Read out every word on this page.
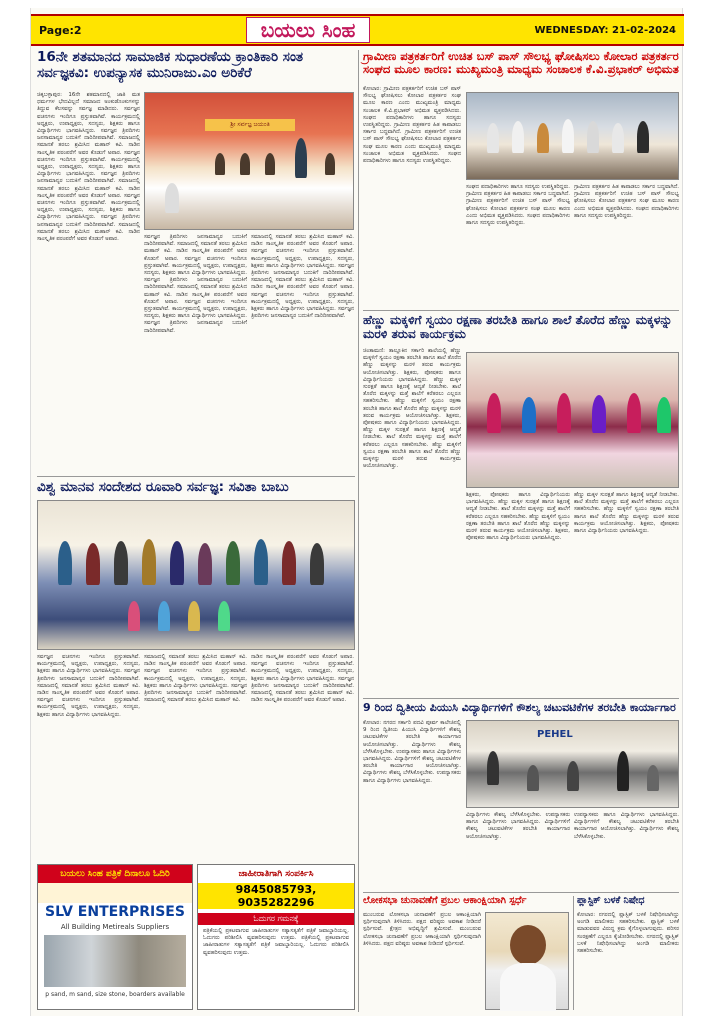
Page:2	ಬಯಲು ಸಿಂಹ	WEDNESDAY: 21-02-2024
16ನೇ ಶತಮಾನದ ಸಾಮಾಜಿಕ ಸುಧಾರಣೆಯ ಕ್ರಾಂತಿಕಾರಿ ಸಂತ ಸರ್ವಜ್ಞಕವಿ: ಉಪನ್ಯಾಸಕ ಮುನಿರಾಜು.ಎಂ ಅರಿಕೆರೆ
ಚಿಕ್ಕಬಳ್ಳಾಪುರ: 16ನೇ ಶತಮಾನದಲ್ಲಿ ಜಾತಿ ಮತ ಧರ್ಮಗಳ ಭೇದವಿಲ್ಲದೆ ಸಮಾಜದ ಅಂಕುಡೊಂಕುಗಳನ್ನು ತಿದ್ದುವ ಕೆಲಸವನ್ನು ಸರ್ವಜ್ಞ ಮಾಡಿದರು. ಸರ್ವಜ್ಞನ ವಚನಗಳು ಇಂದಿಗೂ ಪ್ರಸ್ತುತವಾಗಿವೆ. ಕಾರ್ಯಕ್ರಮದಲ್ಲಿ ಅಧ್ಯಕ್ಷರು, ಉಪಾಧ್ಯಕ್ಷರು, ಸದಸ್ಯರು, ಶಿಕ್ಷಕರು ಹಾಗೂ ವಿದ್ಯಾರ್ಥಿಗಳು ಭಾಗವಹಿಸಿದ್ದರು. ಸರ್ವಜ್ಞನ ತ್ರಿಪದಿಗಳು ಜನಸಾಮಾನ್ಯರ ಬದುಕಿಗೆ ದಾರಿದೀಪವಾಗಿವೆ. ಸಮಾಜದಲ್ಲಿ ಸಮಾನತೆ ತರಲು ಶ್ರಮಿಸಿದ ಮಹಾನ್ ಕವಿ. ನಾಡಿನ ಸಾಂಸ್ಕೃತಿಕ ಪರಂಪರೆಗೆ ಅವರ ಕೊಡುಗೆ ಅಪಾರ. ಸರ್ವಜ್ಞನ ವಚನಗಳು ಇಂದಿಗೂ ಪ್ರಸ್ತುತವಾಗಿವೆ. ಕಾರ್ಯಕ್ರಮದಲ್ಲಿ ಅಧ್ಯಕ್ಷರು, ಉಪಾಧ್ಯಕ್ಷರು, ಸದಸ್ಯರು, ಶಿಕ್ಷಕರು ಹಾಗೂ ವಿದ್ಯಾರ್ಥಿಗಳು ಭಾಗವಹಿಸಿದ್ದರು. ಸರ್ವಜ್ಞನ ತ್ರಿಪದಿಗಳು ಜನಸಾಮಾನ್ಯರ ಬದುಕಿಗೆ ದಾರಿದೀಪವಾಗಿವೆ. ಸಮಾಜದಲ್ಲಿ ಸಮಾನತೆ ತರಲು ಶ್ರಮಿಸಿದ ಮಹಾನ್ ಕವಿ. ನಾಡಿನ ಸಾಂಸ್ಕೃತಿಕ ಪರಂಪರೆಗೆ ಅವರ ಕೊಡುಗೆ ಅಪಾರ. ಸರ್ವಜ್ಞನ ವಚನಗಳು ಇಂದಿಗೂ ಪ್ರಸ್ತುತವಾಗಿವೆ. ಕಾರ್ಯಕ್ರಮದಲ್ಲಿ ಅಧ್ಯಕ್ಷರು, ಉಪಾಧ್ಯಕ್ಷರು, ಸದಸ್ಯರು, ಶಿಕ್ಷಕರು ಹಾಗೂ ವಿದ್ಯಾರ್ಥಿಗಳು ಭಾಗವಹಿಸಿದ್ದರು. ಸರ್ವಜ್ಞನ ತ್ರಿಪದಿಗಳು ಜನಸಾಮಾನ್ಯರ ಬದುಕಿಗೆ ದಾರಿದೀಪವಾಗಿವೆ. ಸಮಾಜದಲ್ಲಿ ಸಮಾನತೆ ತರಲು ಶ್ರಮಿಸಿದ ಮಹಾನ್ ಕವಿ. ನಾಡಿನ ಸಾಂಸ್ಕೃತಿಕ ಪರಂಪರೆಗೆ ಅವರ ಕೊಡುಗೆ ಅಪಾರ.
ಶ್ರೀ ಸರ್ವಜ್ಞ ಜಯಂತಿ
ಸರ್ವಜ್ಞನ ತ್ರಿಪದಿಗಳು ಜನಸಾಮಾನ್ಯರ ಬದುಕಿಗೆ ದಾರಿದೀಪವಾಗಿವೆ. ಸಮಾಜದಲ್ಲಿ ಸಮಾನತೆ ತರಲು ಶ್ರಮಿಸಿದ ಮಹಾನ್ ಕವಿ. ನಾಡಿನ ಸಾಂಸ್ಕೃತಿಕ ಪರಂಪರೆಗೆ ಅವರ ಕೊಡುಗೆ ಅಪಾರ. ಸರ್ವಜ್ಞನ ವಚನಗಳು ಇಂದಿಗೂ ಪ್ರಸ್ತುತವಾಗಿವೆ. ಕಾರ್ಯಕ್ರಮದಲ್ಲಿ ಅಧ್ಯಕ್ಷರು, ಉಪಾಧ್ಯಕ್ಷರು, ಸದಸ್ಯರು, ಶಿಕ್ಷಕರು ಹಾಗೂ ವಿದ್ಯಾರ್ಥಿಗಳು ಭಾಗವಹಿಸಿದ್ದರು. ಸರ್ವಜ್ಞನ ತ್ರಿಪದಿಗಳು ಜನಸಾಮಾನ್ಯರ ಬದುಕಿಗೆ ದಾರಿದೀಪವಾಗಿವೆ. ಸಮಾಜದಲ್ಲಿ ಸಮಾನತೆ ತರಲು ಶ್ರಮಿಸಿದ ಮಹಾನ್ ಕವಿ. ನಾಡಿನ ಸಾಂಸ್ಕೃತಿಕ ಪರಂಪರೆಗೆ ಅವರ ಕೊಡುಗೆ ಅಪಾರ. ಸರ್ವಜ್ಞನ ವಚನಗಳು ಇಂದಿಗೂ ಪ್ರಸ್ತುತವಾಗಿವೆ. ಕಾರ್ಯಕ್ರಮದಲ್ಲಿ ಅಧ್ಯಕ್ಷರು, ಉಪಾಧ್ಯಕ್ಷರು, ಸದಸ್ಯರು, ಶಿಕ್ಷಕರು ಹಾಗೂ ವಿದ್ಯಾರ್ಥಿಗಳು ಭಾಗವಹಿಸಿದ್ದರು. ಸರ್ವಜ್ಞನ ತ್ರಿಪದಿಗಳು ಜನಸಾಮಾನ್ಯರ ಬದುಕಿಗೆ ದಾರಿದೀಪವಾಗಿವೆ.
ಸಮಾಜದಲ್ಲಿ ಸಮಾನತೆ ತರಲು ಶ್ರಮಿಸಿದ ಮಹಾನ್ ಕವಿ. ನಾಡಿನ ಸಾಂಸ್ಕೃತಿಕ ಪರಂಪರೆಗೆ ಅವರ ಕೊಡುಗೆ ಅಪಾರ. ಸರ್ವಜ್ಞನ ವಚನಗಳು ಇಂದಿಗೂ ಪ್ರಸ್ತುತವಾಗಿವೆ. ಕಾರ್ಯಕ್ರಮದಲ್ಲಿ ಅಧ್ಯಕ್ಷರು, ಉಪಾಧ್ಯಕ್ಷರು, ಸದಸ್ಯರು, ಶಿಕ್ಷಕರು ಹಾಗೂ ವಿದ್ಯಾರ್ಥಿಗಳು ಭಾಗವಹಿಸಿದ್ದರು. ಸರ್ವಜ್ಞನ ತ್ರಿಪದಿಗಳು ಜನಸಾಮಾನ್ಯರ ಬದುಕಿಗೆ ದಾರಿದೀಪವಾಗಿವೆ. ಸಮಾಜದಲ್ಲಿ ಸಮಾನತೆ ತರಲು ಶ್ರಮಿಸಿದ ಮಹಾನ್ ಕವಿ. ನಾಡಿನ ಸಾಂಸ್ಕೃತಿಕ ಪರಂಪರೆಗೆ ಅವರ ಕೊಡುಗೆ ಅಪಾರ. ಸರ್ವಜ್ಞನ ವಚನಗಳು ಇಂದಿಗೂ ಪ್ರಸ್ತುತವಾಗಿವೆ. ಕಾರ್ಯಕ್ರಮದಲ್ಲಿ ಅಧ್ಯಕ್ಷರು, ಉಪಾಧ್ಯಕ್ಷರು, ಸದಸ್ಯರು, ಶಿಕ್ಷಕರು ಹಾಗೂ ವಿದ್ಯಾರ್ಥಿಗಳು ಭಾಗವಹಿಸಿದ್ದರು. ಸರ್ವಜ್ಞನ ತ್ರಿಪದಿಗಳು ಜನಸಾಮಾನ್ಯರ ಬದುಕಿಗೆ ದಾರಿದೀಪವಾಗಿವೆ.
ವಿಶ್ವ ಮಾನವ ಸಂದೇಶದ ರೂವಾರಿ ಸರ್ವಜ್ಞ: ಸವಿತಾ ಬಾಬು
ಸರ್ವಜ್ಞನ ವಚನಗಳು ಇಂದಿಗೂ ಪ್ರಸ್ತುತವಾಗಿವೆ. ಕಾರ್ಯಕ್ರಮದಲ್ಲಿ ಅಧ್ಯಕ್ಷರು, ಉಪಾಧ್ಯಕ್ಷರು, ಸದಸ್ಯರು, ಶಿಕ್ಷಕರು ಹಾಗೂ ವಿದ್ಯಾರ್ಥಿಗಳು ಭಾಗವಹಿಸಿದ್ದರು. ಸರ್ವಜ್ಞನ ತ್ರಿಪದಿಗಳು ಜನಸಾಮಾನ್ಯರ ಬದುಕಿಗೆ ದಾರಿದೀಪವಾಗಿವೆ. ಸಮಾಜದಲ್ಲಿ ಸಮಾನತೆ ತರಲು ಶ್ರಮಿಸಿದ ಮಹಾನ್ ಕವಿ. ನಾಡಿನ ಸಾಂಸ್ಕೃತಿಕ ಪರಂಪರೆಗೆ ಅವರ ಕೊಡುಗೆ ಅಪಾರ. ಸರ್ವಜ್ಞನ ವಚನಗಳು ಇಂದಿಗೂ ಪ್ರಸ್ತುತವಾಗಿವೆ. ಕಾರ್ಯಕ್ರಮದಲ್ಲಿ ಅಧ್ಯಕ್ಷರು, ಉಪಾಧ್ಯಕ್ಷರು, ಸದಸ್ಯರು, ಶಿಕ್ಷಕರು ಹಾಗೂ ವಿದ್ಯಾರ್ಥಿಗಳು ಭಾಗವಹಿಸಿದ್ದರು.
ಸಮಾಜದಲ್ಲಿ ಸಮಾನತೆ ತರಲು ಶ್ರಮಿಸಿದ ಮಹಾನ್ ಕವಿ. ನಾಡಿನ ಸಾಂಸ್ಕೃತಿಕ ಪರಂಪರೆಗೆ ಅವರ ಕೊಡುಗೆ ಅಪಾರ. ಸರ್ವಜ್ಞನ ವಚನಗಳು ಇಂದಿಗೂ ಪ್ರಸ್ತುತವಾಗಿವೆ. ಕಾರ್ಯಕ್ರಮದಲ್ಲಿ ಅಧ್ಯಕ್ಷರು, ಉಪಾಧ್ಯಕ್ಷರು, ಸದಸ್ಯರು, ಶಿಕ್ಷಕರು ಹಾಗೂ ವಿದ್ಯಾರ್ಥಿಗಳು ಭಾಗವಹಿಸಿದ್ದರು. ಸರ್ವಜ್ಞನ ತ್ರಿಪದಿಗಳು ಜನಸಾಮಾನ್ಯರ ಬದುಕಿಗೆ ದಾರಿದೀಪವಾಗಿವೆ. ಸಮಾಜದಲ್ಲಿ ಸಮಾನತೆ ತರಲು ಶ್ರಮಿಸಿದ ಮಹಾನ್ ಕವಿ.
ನಾಡಿನ ಸಾಂಸ್ಕೃತಿಕ ಪರಂಪರೆಗೆ ಅವರ ಕೊಡುಗೆ ಅಪಾರ. ಸರ್ವಜ್ಞನ ವಚನಗಳು ಇಂದಿಗೂ ಪ್ರಸ್ತುತವಾಗಿವೆ. ಕಾರ್ಯಕ್ರಮದಲ್ಲಿ ಅಧ್ಯಕ್ಷರು, ಉಪಾಧ್ಯಕ್ಷರು, ಸದಸ್ಯರು, ಶಿಕ್ಷಕರು ಹಾಗೂ ವಿದ್ಯಾರ್ಥಿಗಳು ಭಾಗವಹಿಸಿದ್ದರು. ಸರ್ವಜ್ಞನ ತ್ರಿಪದಿಗಳು ಜನಸಾಮಾನ್ಯರ ಬದುಕಿಗೆ ದಾರಿದೀಪವಾಗಿವೆ. ಸಮಾಜದಲ್ಲಿ ಸಮಾನತೆ ತರಲು ಶ್ರಮಿಸಿದ ಮಹಾನ್ ಕವಿ. ನಾಡಿನ ಸಾಂಸ್ಕೃತಿಕ ಪರಂಪರೆಗೆ ಅವರ ಕೊಡುಗೆ ಅಪಾರ.
ಬಯಲು ಸಿಂಹ ಪತ್ರಿಕೆ ದಿನಾಲೂ ಓದಿರಿ
SLV ENTERPRISES
All Building Metireals Suppliers
p sand, m sand, size stone, boarders available
ಜಾಹೀರಾತಿಗಾಗಿ ಸಂಪರ್ಕಿಸಿ
9845085793, 9035282296
ಓದುಗರ ಗಮನಕ್ಕೆ
ಪತ್ರಿಕೆಯಲ್ಲಿ ಪ್ರಕಟವಾಗುವ ಜಾಹೀರಾತುಗಳ ಸತ್ಯಾಸತ್ಯತೆಗೆ ಪತ್ರಿಕೆ ಜವಾಬ್ದಾರಿಯಲ್ಲ. ಓದುಗರು ಪರಿಶೀಲಿಸಿ ವ್ಯವಹರಿಸುವುದು ಉತ್ತಮ. ಪತ್ರಿಕೆಯಲ್ಲಿ ಪ್ರಕಟವಾಗುವ ಜಾಹೀರಾತುಗಳ ಸತ್ಯಾಸತ್ಯತೆಗೆ ಪತ್ರಿಕೆ ಜವಾಬ್ದಾರಿಯಲ್ಲ. ಓದುಗರು ಪರಿಶೀಲಿಸಿ ವ್ಯವಹರಿಸುವುದು ಉತ್ತಮ.
ಗ್ರಾಮೀಣ ಪತ್ರಕರ್ತರಿಗೆ ಉಚಿತ ಬಸ್ ಪಾಸ್ ಸೌಲಭ್ಯ ಘೋಷಿಸಲು ಕೋಲಾರ ಪತ್ರಕರ್ತರ ಸಂಘದ ಮೂಲ ಕಾರಣ: ಮುಖ್ಯಮಂತ್ರಿ ಮಾಧ್ಯಮ ಸಂಚಾಲಕ ಕೆ.ವಿ.ಪ್ರಭಾಕರ್ ಅಭಿಮತ
ಕೋಲಾರ: ಗ್ರಾಮೀಣ ಪತ್ರಕರ್ತರಿಗೆ ಉಚಿತ ಬಸ್ ಪಾಸ್ ಸೌಲಭ್ಯ ಘೋಷಿಸಲು ಕೋಲಾರ ಪತ್ರಕರ್ತರ ಸಂಘ ಮೂಲ ಕಾರಣ ಎಂದು ಮುಖ್ಯಮಂತ್ರಿ ಮಾಧ್ಯಮ ಸಂಚಾಲಕ ಕೆ.ವಿ.ಪ್ರಭಾಕರ್ ಅಭಿಮತ ವ್ಯಕ್ತಪಡಿಸಿದರು. ಸಂಘದ ಪದಾಧಿಕಾರಿಗಳು ಹಾಗೂ ಸದಸ್ಯರು ಉಪಸ್ಥಿತರಿದ್ದರು. ಗ್ರಾಮೀಣ ಪತ್ರಕರ್ತರ ಹಿತ ಕಾಪಾಡಲು ಸರ್ಕಾರ ಬದ್ಧವಾಗಿದೆ. ಗ್ರಾಮೀಣ ಪತ್ರಕರ್ತರಿಗೆ ಉಚಿತ ಬಸ್ ಪಾಸ್ ಸೌಲಭ್ಯ ಘೋಷಿಸಲು ಕೋಲಾರ ಪತ್ರಕರ್ತರ ಸಂಘ ಮೂಲ ಕಾರಣ ಎಂದು ಮುಖ್ಯಮಂತ್ರಿ ಮಾಧ್ಯಮ ಸಂಚಾಲಕ ಅಭಿಮತ ವ್ಯಕ್ತಪಡಿಸಿದರು. ಸಂಘದ ಪದಾಧಿಕಾರಿಗಳು ಹಾಗೂ ಸದಸ್ಯರು ಉಪಸ್ಥಿತರಿದ್ದರು.
ಸಂಘದ ಪದಾಧಿಕಾರಿಗಳು ಹಾಗೂ ಸದಸ್ಯರು ಉಪಸ್ಥಿತರಿದ್ದರು. ಗ್ರಾಮೀಣ ಪತ್ರಕರ್ತರ ಹಿತ ಕಾಪಾಡಲು ಸರ್ಕಾರ ಬದ್ಧವಾಗಿದೆ. ಗ್ರಾಮೀಣ ಪತ್ರಕರ್ತರಿಗೆ ಉಚಿತ ಬಸ್ ಪಾಸ್ ಸೌಲಭ್ಯ ಘೋಷಿಸಲು ಕೋಲಾರ ಪತ್ರಕರ್ತರ ಸಂಘ ಮೂಲ ಕಾರಣ ಎಂದು ಅಭಿಮತ ವ್ಯಕ್ತಪಡಿಸಿದರು. ಸಂಘದ ಪದಾಧಿಕಾರಿಗಳು ಹಾಗೂ ಸದಸ್ಯರು ಉಪಸ್ಥಿತರಿದ್ದರು.
ಗ್ರಾಮೀಣ ಪತ್ರಕರ್ತರ ಹಿತ ಕಾಪಾಡಲು ಸರ್ಕಾರ ಬದ್ಧವಾಗಿದೆ. ಗ್ರಾಮೀಣ ಪತ್ರಕರ್ತರಿಗೆ ಉಚಿತ ಬಸ್ ಪಾಸ್ ಸೌಲಭ್ಯ ಘೋಷಿಸಲು ಕೋಲಾರ ಪತ್ರಕರ್ತರ ಸಂಘ ಮೂಲ ಕಾರಣ ಎಂದು ಅಭಿಮತ ವ್ಯಕ್ತಪಡಿಸಿದರು. ಸಂಘದ ಪದಾಧಿಕಾರಿಗಳು ಹಾಗೂ ಸದಸ್ಯರು ಉಪಸ್ಥಿತರಿದ್ದರು.
ಹೆಣ್ಣು ಮಕ್ಕಳಿಗೆ ಸ್ವಯಂ ರಕ್ಷಣಾ ತರಬೇತಿ ಹಾಗೂ ಶಾಲೆ ತೊರೆದ ಹೆಣ್ಣು ಮಕ್ಕಳನ್ನು ಮರಳಿ ತರುವ ಕಾರ್ಯಕ್ರಮ
ಚಿಂತಾಮಣಿ: ತಾಲ್ಲೂಕಿನ ಸರ್ಕಾರಿ ಶಾಲೆಯಲ್ಲಿ ಹೆಣ್ಣು ಮಕ್ಕಳಿಗೆ ಸ್ವಯಂ ರಕ್ಷಣಾ ತರಬೇತಿ ಹಾಗೂ ಶಾಲೆ ತೊರೆದ ಹೆಣ್ಣು ಮಕ್ಕಳನ್ನು ಮರಳಿ ತರುವ ಕಾರ್ಯಕ್ರಮ ಆಯೋಜಿಸಲಾಗಿತ್ತು. ಶಿಕ್ಷಕರು, ಪೋಷಕರು ಹಾಗೂ ವಿದ್ಯಾರ್ಥಿನಿಯರು ಭಾಗವಹಿಸಿದ್ದರು. ಹೆಣ್ಣು ಮಕ್ಕಳ ಸುರಕ್ಷತೆ ಹಾಗೂ ಶಿಕ್ಷಣಕ್ಕೆ ಆದ್ಯತೆ ನೀಡಬೇಕು. ಶಾಲೆ ತೊರೆದ ಮಕ್ಕಳನ್ನು ಮತ್ತೆ ಶಾಲೆಗೆ ಕರೆತರಲು ಎಲ್ಲರೂ ಸಹಕರಿಸಬೇಕು. ಹೆಣ್ಣು ಮಕ್ಕಳಿಗೆ ಸ್ವಯಂ ರಕ್ಷಣಾ ತರಬೇತಿ ಹಾಗೂ ಶಾಲೆ ತೊರೆದ ಹೆಣ್ಣು ಮಕ್ಕಳನ್ನು ಮರಳಿ ತರುವ ಕಾರ್ಯಕ್ರಮ ಆಯೋಜಿಸಲಾಗಿತ್ತು. ಶಿಕ್ಷಕರು, ಪೋಷಕರು ಹಾಗೂ ವಿದ್ಯಾರ್ಥಿನಿಯರು ಭಾಗವಹಿಸಿದ್ದರು. ಹೆಣ್ಣು ಮಕ್ಕಳ ಸುರಕ್ಷತೆ ಹಾಗೂ ಶಿಕ್ಷಣಕ್ಕೆ ಆದ್ಯತೆ ನೀಡಬೇಕು. ಶಾಲೆ ತೊರೆದ ಮಕ್ಕಳನ್ನು ಮತ್ತೆ ಶಾಲೆಗೆ ಕರೆತರಲು ಎಲ್ಲರೂ ಸಹಕರಿಸಬೇಕು. ಹೆಣ್ಣು ಮಕ್ಕಳಿಗೆ ಸ್ವಯಂ ರಕ್ಷಣಾ ತರಬೇತಿ ಹಾಗೂ ಶಾಲೆ ತೊರೆದ ಹೆಣ್ಣು ಮಕ್ಕಳನ್ನು ಮರಳಿ ತರುವ ಕಾರ್ಯಕ್ರಮ ಆಯೋಜಿಸಲಾಗಿತ್ತು.
ಶಿಕ್ಷಕರು, ಪೋಷಕರು ಹಾಗೂ ವಿದ್ಯಾರ್ಥಿನಿಯರು ಭಾಗವಹಿಸಿದ್ದರು. ಹೆಣ್ಣು ಮಕ್ಕಳ ಸುರಕ್ಷತೆ ಹಾಗೂ ಶಿಕ್ಷಣಕ್ಕೆ ಆದ್ಯತೆ ನೀಡಬೇಕು. ಶಾಲೆ ತೊರೆದ ಮಕ್ಕಳನ್ನು ಮತ್ತೆ ಶಾಲೆಗೆ ಕರೆತರಲು ಎಲ್ಲರೂ ಸಹಕರಿಸಬೇಕು. ಹೆಣ್ಣು ಮಕ್ಕಳಿಗೆ ಸ್ವಯಂ ರಕ್ಷಣಾ ತರಬೇತಿ ಹಾಗೂ ಶಾಲೆ ತೊರೆದ ಹೆಣ್ಣು ಮಕ್ಕಳನ್ನು ಮರಳಿ ತರುವ ಕಾರ್ಯಕ್ರಮ ಆಯೋಜಿಸಲಾಗಿತ್ತು. ಶಿಕ್ಷಕರು, ಪೋಷಕರು ಹಾಗೂ ವಿದ್ಯಾರ್ಥಿನಿಯರು ಭಾಗವಹಿಸಿದ್ದರು.
ಹೆಣ್ಣು ಮಕ್ಕಳ ಸುರಕ್ಷತೆ ಹಾಗೂ ಶಿಕ್ಷಣಕ್ಕೆ ಆದ್ಯತೆ ನೀಡಬೇಕು. ಶಾಲೆ ತೊರೆದ ಮಕ್ಕಳನ್ನು ಮತ್ತೆ ಶಾಲೆಗೆ ಕರೆತರಲು ಎಲ್ಲರೂ ಸಹಕರಿಸಬೇಕು. ಹೆಣ್ಣು ಮಕ್ಕಳಿಗೆ ಸ್ವಯಂ ರಕ್ಷಣಾ ತರಬೇತಿ ಹಾಗೂ ಶಾಲೆ ತೊರೆದ ಹೆಣ್ಣು ಮಕ್ಕಳನ್ನು ಮರಳಿ ತರುವ ಕಾರ್ಯಕ್ರಮ ಆಯೋಜಿಸಲಾಗಿತ್ತು. ಶಿಕ್ಷಕರು, ಪೋಷಕರು ಹಾಗೂ ವಿದ್ಯಾರ್ಥಿನಿಯರು ಭಾಗವಹಿಸಿದ್ದರು.
9 ರಿಂದ ದ್ವಿತೀಯ ಪಿಯುಸಿ ವಿದ್ಯಾರ್ಥಿಗಳಿಗೆ ಕೌಶಲ್ಯ ಚಟುವಟಿಕೆಗಳ ತರಬೇತಿ ಕಾರ್ಯಾಗಾರ
ಕೋಲಾರ: ನಗರದ ಸರ್ಕಾರಿ ಪದವಿ ಪೂರ್ವ ಕಾಲೇಜಿನಲ್ಲಿ 9 ರಿಂದ ದ್ವಿತೀಯ ಪಿಯುಸಿ ವಿದ್ಯಾರ್ಥಿಗಳಿಗೆ ಕೌಶಲ್ಯ ಚಟುವಟಿಕೆಗಳ ತರಬೇತಿ ಕಾರ್ಯಾಗಾರ ಆಯೋಜಿಸಲಾಗಿತ್ತು. ವಿದ್ಯಾರ್ಥಿಗಳು ಕೌಶಲ್ಯ ಬೆಳೆಸಿಕೊಳ್ಳಬೇಕು. ಉಪನ್ಯಾಸಕರು ಹಾಗೂ ವಿದ್ಯಾರ್ಥಿಗಳು ಭಾಗವಹಿಸಿದ್ದರು. ವಿದ್ಯಾರ್ಥಿಗಳಿಗೆ ಕೌಶಲ್ಯ ಚಟುವಟಿಕೆಗಳ ತರಬೇತಿ ಕಾರ್ಯಾಗಾರ ಆಯೋಜಿಸಲಾಗಿತ್ತು. ವಿದ್ಯಾರ್ಥಿಗಳು ಕೌಶಲ್ಯ ಬೆಳೆಸಿಕೊಳ್ಳಬೇಕು. ಉಪನ್ಯಾಸಕರು ಹಾಗೂ ವಿದ್ಯಾರ್ಥಿಗಳು ಭಾಗವಹಿಸಿದ್ದರು.
PEHEL
ವಿದ್ಯಾರ್ಥಿಗಳು ಕೌಶಲ್ಯ ಬೆಳೆಸಿಕೊಳ್ಳಬೇಕು. ಉಪನ್ಯಾಸಕರು ಹಾಗೂ ವಿದ್ಯಾರ್ಥಿಗಳು ಭಾಗವಹಿಸಿದ್ದರು. ವಿದ್ಯಾರ್ಥಿಗಳಿಗೆ ಕೌಶಲ್ಯ ಚಟುವಟಿಕೆಗಳ ತರಬೇತಿ ಕಾರ್ಯಾಗಾರ ಆಯೋಜಿಸಲಾಗಿತ್ತು.
ಉಪನ್ಯಾಸಕರು ಹಾಗೂ ವಿದ್ಯಾರ್ಥಿಗಳು ಭಾಗವಹಿಸಿದ್ದರು. ವಿದ್ಯಾರ್ಥಿಗಳಿಗೆ ಕೌಶಲ್ಯ ಚಟುವಟಿಕೆಗಳ ತರಬೇತಿ ಕಾರ್ಯಾಗಾರ ಆಯೋಜಿಸಲಾಗಿತ್ತು. ವಿದ್ಯಾರ್ಥಿಗಳು ಕೌಶಲ್ಯ ಬೆಳೆಸಿಕೊಳ್ಳಬೇಕು.
ಲೋಕಸಭಾ ಚುನಾವಣೆಗೆ ಪ್ರಬಲ ಆಕಾಂಕ್ಷಿಯಾಗಿ ಸ್ಪರ್ಧೆ
ಮುಂಬರುವ ಲೋಕಸಭಾ ಚುನಾವಣೆಗೆ ಪ್ರಬಲ ಆಕಾಂಕ್ಷಿಯಾಗಿ ಸ್ಪರ್ಧಿಸುವುದಾಗಿ ತಿಳಿಸಿದರು. ಪಕ್ಷದ ವರಿಷ್ಠರು ಅವಕಾಶ ನೀಡಿದರೆ ಸ್ಪರ್ಧಿಸುವೆ. ಕ್ಷೇತ್ರದ ಅಭಿವೃದ್ಧಿಗೆ ಶ್ರಮಿಸುವೆ. ಮುಂಬರುವ ಲೋಕಸಭಾ ಚುನಾವಣೆಗೆ ಪ್ರಬಲ ಆಕಾಂಕ್ಷಿಯಾಗಿ ಸ್ಪರ್ಧಿಸುವುದಾಗಿ ತಿಳಿಸಿದರು. ಪಕ್ಷದ ವರಿಷ್ಠರು ಅವಕಾಶ ನೀಡಿದರೆ ಸ್ಪರ್ಧಿಸುವೆ.
ಪ್ಲಾಸ್ಟಿಕ್ ಬಳಕೆ ನಿಷೇಧ
ಕೋಲಾರ: ನಗರದಲ್ಲಿ ಪ್ಲಾಸ್ಟಿಕ್ ಬಳಕೆ ನಿಷೇಧಿಸಲಾಗಿದ್ದು ಅಂಗಡಿ ಮಾಲೀಕರು ಸಹಕರಿಸಬೇಕು. ಪ್ಲಾಸ್ಟಿಕ್ ಬಳಕೆ ಮಾಡುವವರ ವಿರುದ್ಧ ಕ್ರಮ ಕೈಗೊಳ್ಳಲಾಗುವುದು. ಪರಿಸರ ಸಂರಕ್ಷಣೆಗೆ ಎಲ್ಲರೂ ಕೈಜೋಡಿಸಬೇಕು. ನಗರದಲ್ಲಿ ಪ್ಲಾಸ್ಟಿಕ್ ಬಳಕೆ ನಿಷೇಧಿಸಲಾಗಿದ್ದು ಅಂಗಡಿ ಮಾಲೀಕರು ಸಹಕರಿಸಬೇಕು.
